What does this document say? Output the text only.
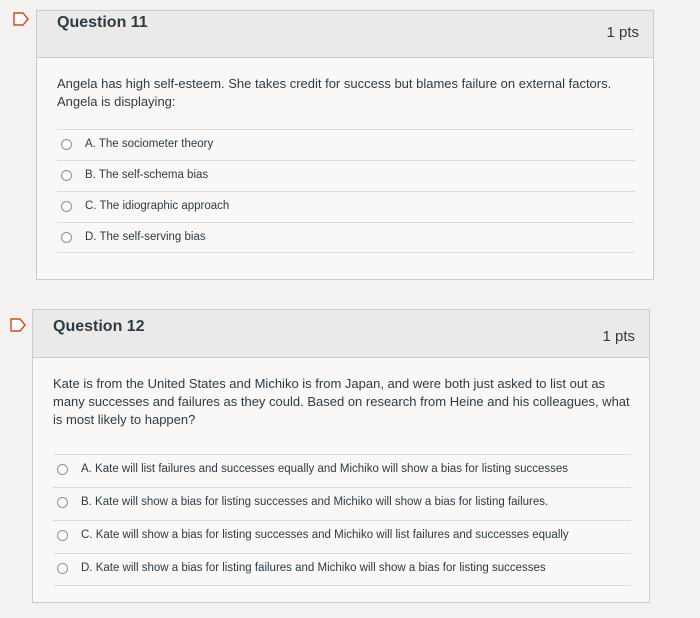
Question 11
1 pts
Angela has high self-esteem. She takes credit for success but blames failure on external factors. Angela is displaying:
A. The sociometer theory
B. The self-schema bias
C. The idiographic approach
D. The self-serving bias
Question 12
1 pts
Kate is from the United States and Michiko is from Japan, and were both just asked to list out as many successes and failures as they could. Based on research from Heine and his colleagues, what is most likely to happen?
A. Kate will list failures and successes equally and Michiko will show a bias for listing successes
B. Kate will show a bias for listing successes and Michiko will show a bias for listing failures.
C. Kate will show a bias for listing successes and Michiko will list failures and successes equally
D. Kate will show a bias for listing failures and Michiko will show a bias for listing successes
